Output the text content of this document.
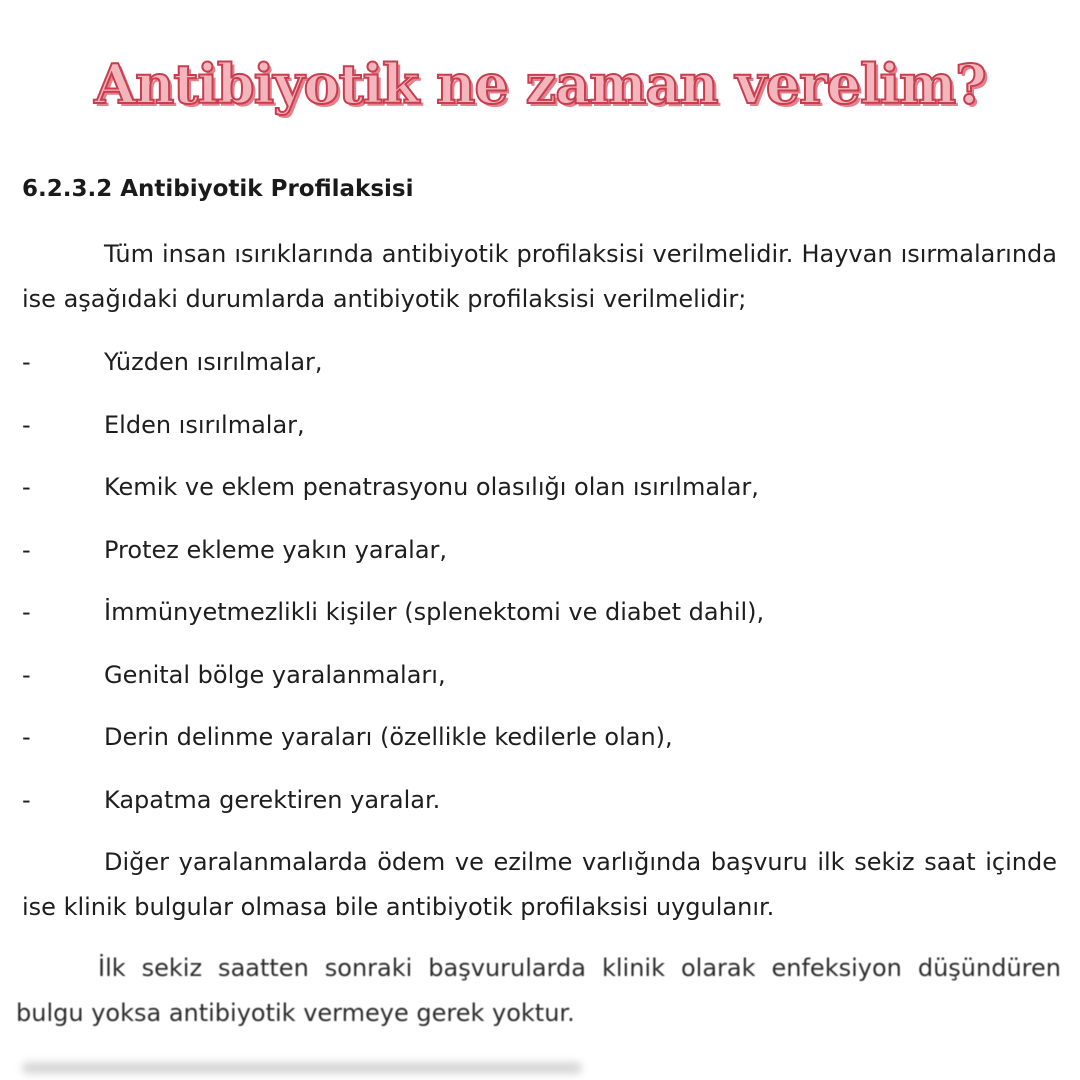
Antibiyotik ne zaman verelim?
6.2.3.2 Antibiyotik Profilaksisi

Tüm insan ısırıklarında antibiyotik profilaksisi verilmelidir. Hayvan ısırmalarında ise aşağıdaki durumlarda antibiyotik profilaksisi verilmelidir;

-	Yüzden ısırılmalar,
-	Elden ısırılmalar,
-	Kemik ve eklem penatrasyonu olasılığı olan ısırılmalar,
-	Protez ekleme yakın yaralar,
-	İmmünyetmezlikli kişiler (splenektomi ve diabet dahil),
-	Genital bölge yaralanmaları,
-	Derin delinme yaraları (özellikle kedilerle olan),
-	Kapatma gerektiren yaralar.

Diğer yaralanmalarda ödem ve ezilme varlığında başvuru ilk sekiz saat içinde ise klinik bulgular olmasa bile antibiyotik profilaksisi uygulanır.

İlk sekiz saatten sonraki başvurularda klinik olarak enfeksiyon düşündüren bulgu yoksa antibiyotik vermeye gerek yoktur.
